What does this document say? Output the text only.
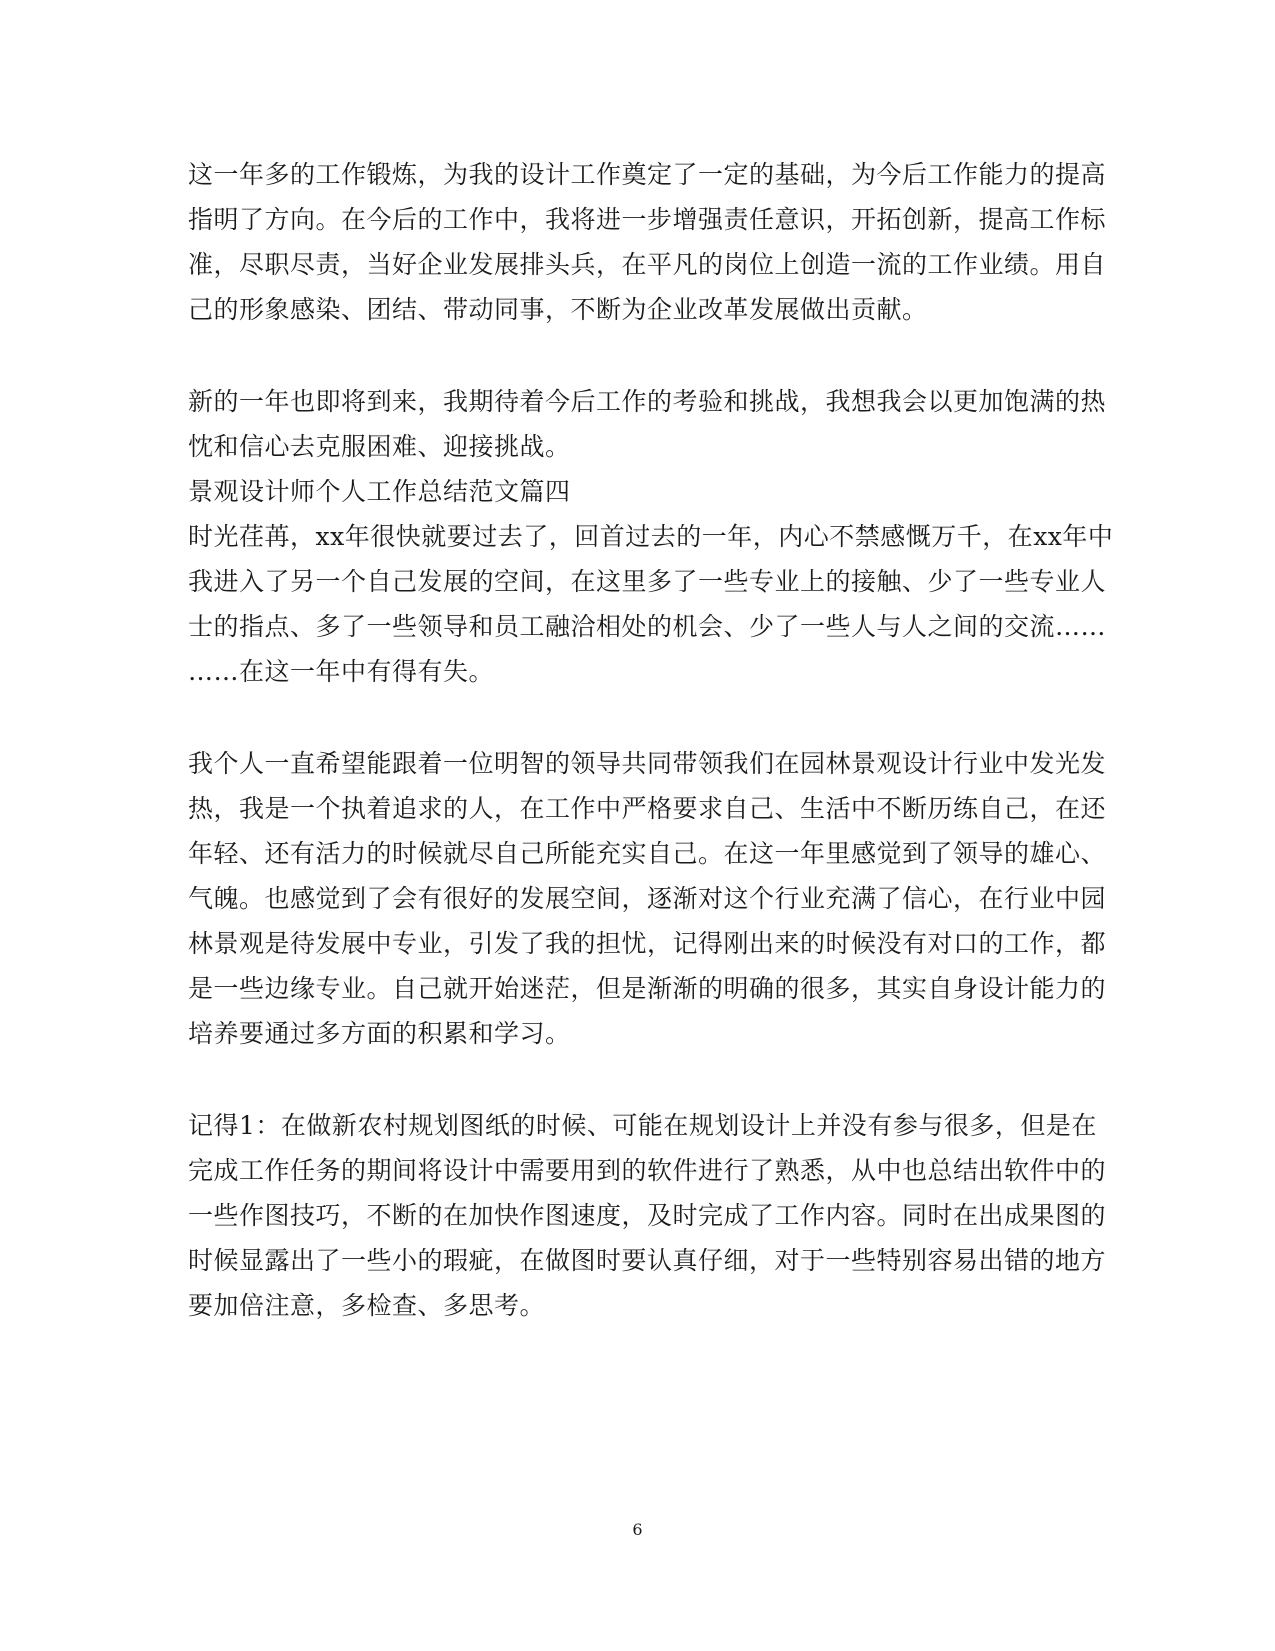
这一年多的工作锻炼，为我的设计工作奠定了一定的基础，为今后工作能力的提高
指明了方向。在今后的工作中，我将进一步增强责任意识，开拓创新，提高工作标
准，尽职尽责，当好企业发展排头兵，在平凡的岗位上创造一流的工作业绩。用自
己的形象感染、团结、带动同事，不断为企业改革发展做出贡献。
新的一年也即将到来，我期待着今后工作的考验和挑战，我想我会以更加饱满的热
忱和信心去克服困难、迎接挑战。
景观设计师个人工作总结范文篇四
时光荏苒，xx年很快就要过去了，回首过去的一年，内心不禁感慨万千，在xx年中
我进入了另一个自己发展的空间，在这里多了一些专业上的接触、少了一些专业人
士的指点、多了一些领导和员工融洽相处的机会、少了一些人与人之间的交流……
……在这一年中有得有失。
我个人一直希望能跟着一位明智的领导共同带领我们在园林景观设计行业中发光发
热，我是一个执着追求的人，在工作中严格要求自己、生活中不断历练自己，在还
年轻、还有活力的时候就尽自己所能充实自己。在这一年里感觉到了领导的雄心、
气魄。也感觉到了会有很好的发展空间，逐渐对这个行业充满了信心，在行业中园
林景观是待发展中专业，引发了我的担忧，记得刚出来的时候没有对口的工作，都
是一些边缘专业。自己就开始迷茫，但是渐渐的明确的很多，其实自身设计能力的
培养要通过多方面的积累和学习。
记得1：在做新农村规划图纸的时候、可能在规划设计上并没有参与很多，但是在
完成工作任务的期间将设计中需要用到的软件进行了熟悉，从中也总结出软件中的
一些作图技巧，不断的在加快作图速度，及时完成了工作内容。同时在出成果图的
时候显露出了一些小的瑕疵，在做图时要认真仔细，对于一些特别容易出错的地方
要加倍注意，多检查、多思考。
6
